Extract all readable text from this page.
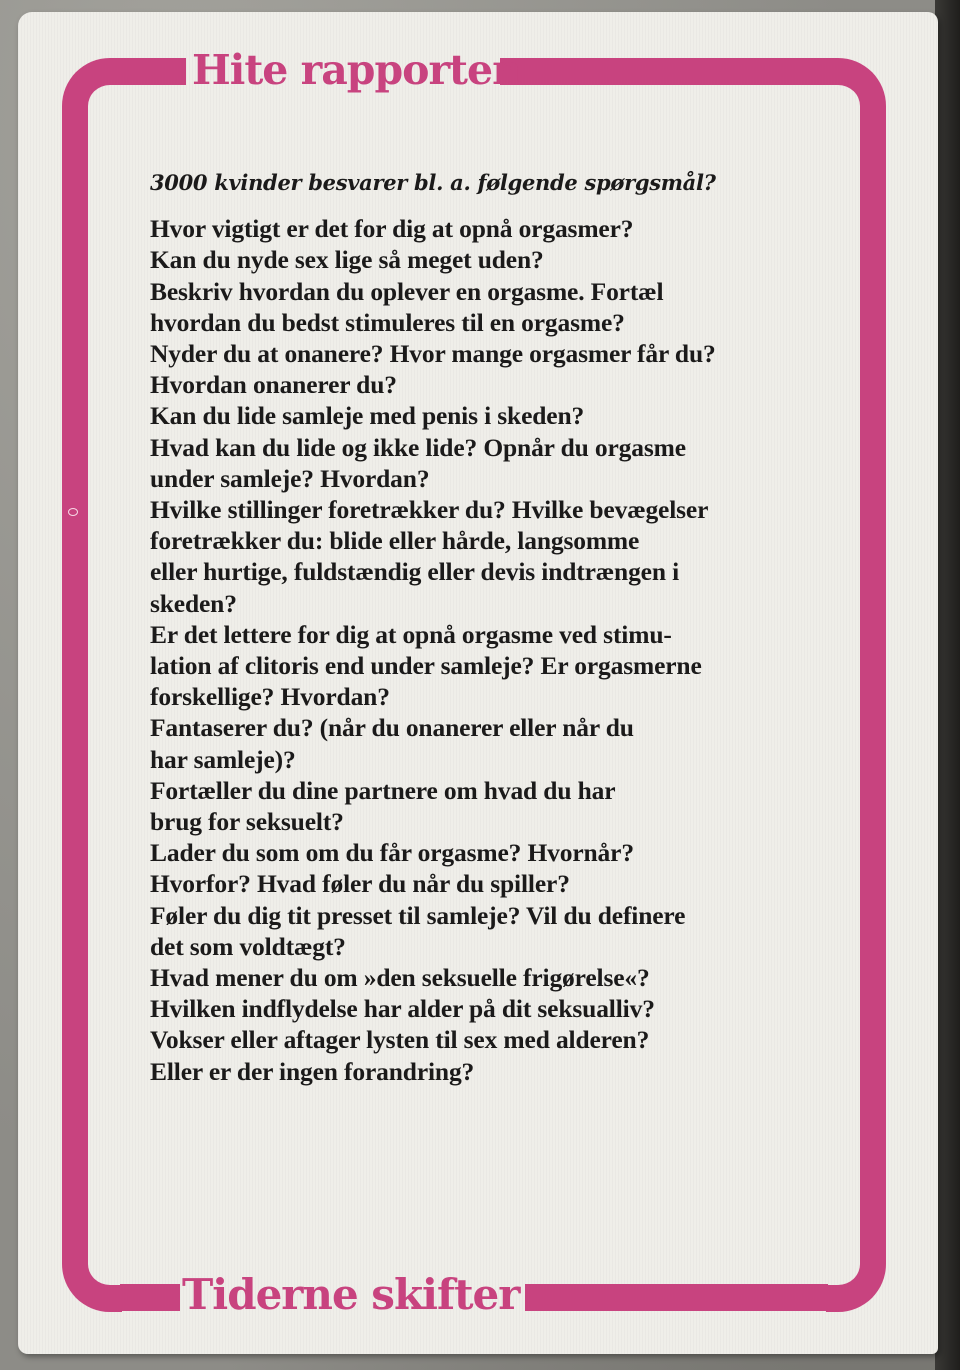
Hite rapporten
Tiderne skifter

3000 kvinder besvarer bl. a. følgende spørgsmål?

Hvor vigtigt er det for dig at opnå orgasmer?

Kan du nyde sex lige så meget uden?

Beskriv hvordan du oplever en orgasme. Fortæl

hvordan du bedst stimuleres til en orgasme?

Nyder du at onanere? Hvor mange orgasmer får du?

Hvordan onanerer du?

Kan du lide samleje med penis i skeden?

Hvad kan du lide og ikke lide? Opnår du orgasme

under samleje? Hvordan?

Hvilke stillinger foretrækker du? Hvilke bevægelser

foretrækker du: blide eller hårde, langsomme

eller hurtige, fuldstændig eller devis indtrængen i

skeden?

Er det lettere for dig at opnå orgasme ved stimu-

lation af clitoris end under samleje? Er orgasmerne

forskellige? Hvordan?

Fantaserer du? (når du onanerer eller når du

har samleje)?

Fortæller du dine partnere om hvad du har

brug for seksuelt?

Lader du som om du får orgasme? Hvornår?

Hvorfor? Hvad føler du når du spiller?

Føler du dig tit presset til samleje? Vil du definere

det som voldtægt?

Hvad mener du om »den seksuelle frigørelse«?

Hvilken indflydelse har alder på dit seksualliv?

Vokser eller aftager lysten til sex med alderen?

Eller er der ingen forandring?
